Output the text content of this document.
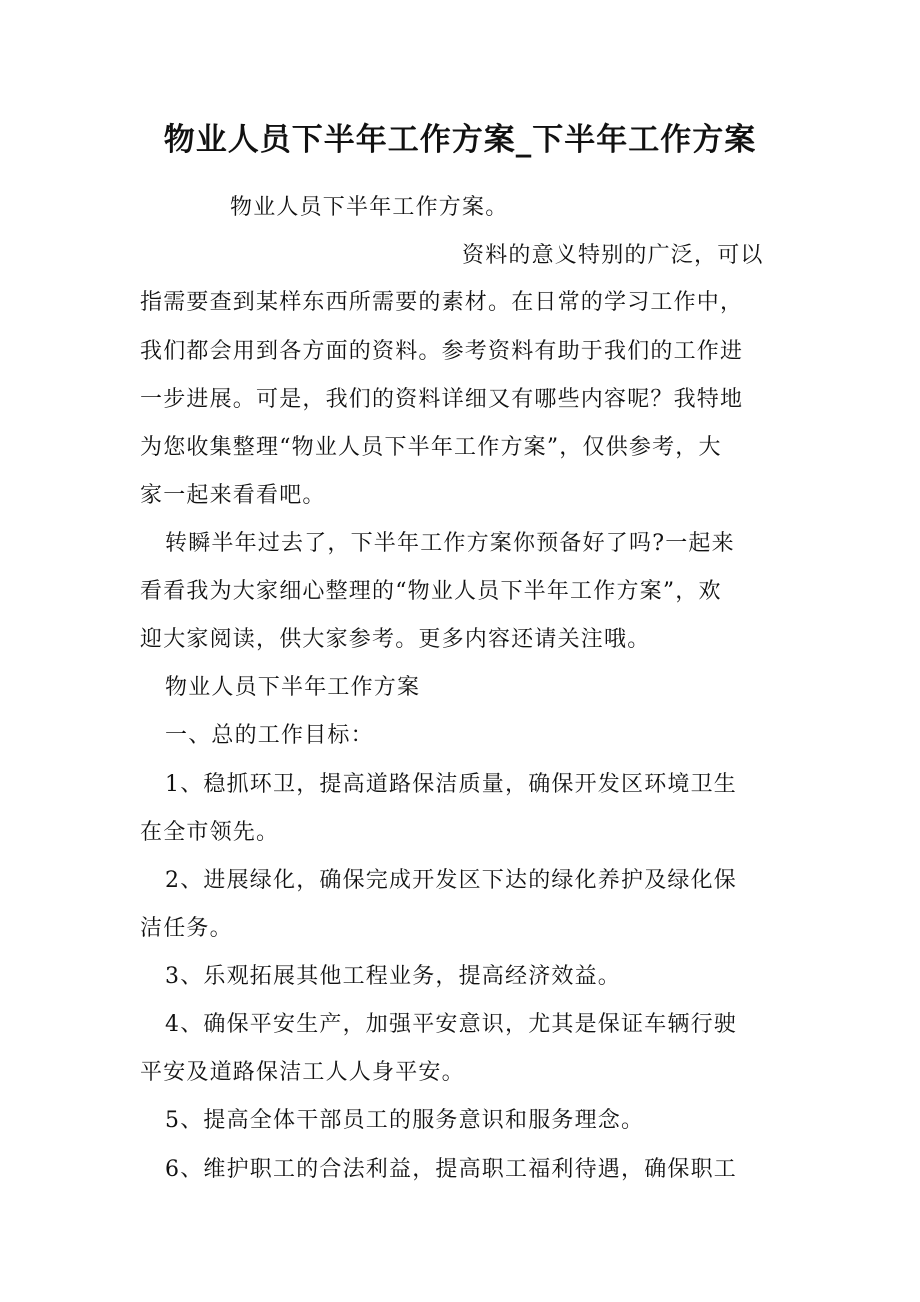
物业人员下半年工作方案_下半年工作方案

物业人员下半年工作方案。

资料的意义特别的广泛，可以

指需要查到某样东西所需要的素材。在日常的学习工作中，

我们都会用到各方面的资料。参考资料有助于我们的工作进

一步进展。可是，我们的资料详细又有哪些内容呢？我特地

为您收集整理“物业人员下半年工作方案”，仅供参考，大

家一起来看看吧。

转瞬半年过去了，下半年工作方案你预备好了吗?一起来

看看我为大家细心整理的“物业人员下半年工作方案”，欢

迎大家阅读，供大家参考。更多内容还请关注哦。

物业人员下半年工作方案

一、总的工作目标：

1、稳抓环卫，提高道路保洁质量，确保开发区环境卫生

在全市领先。

2、进展绿化，确保完成开发区下达的绿化养护及绿化保

洁任务。

3、乐观拓展其他工程业务，提高经济效益。

4、确保平安生产，加强平安意识，尤其是保证车辆行驶

平安及道路保洁工人人身平安。

5、提高全体干部员工的服务意识和服务理念。

6、维护职工的合法利益，提高职工福利待遇，确保职工
